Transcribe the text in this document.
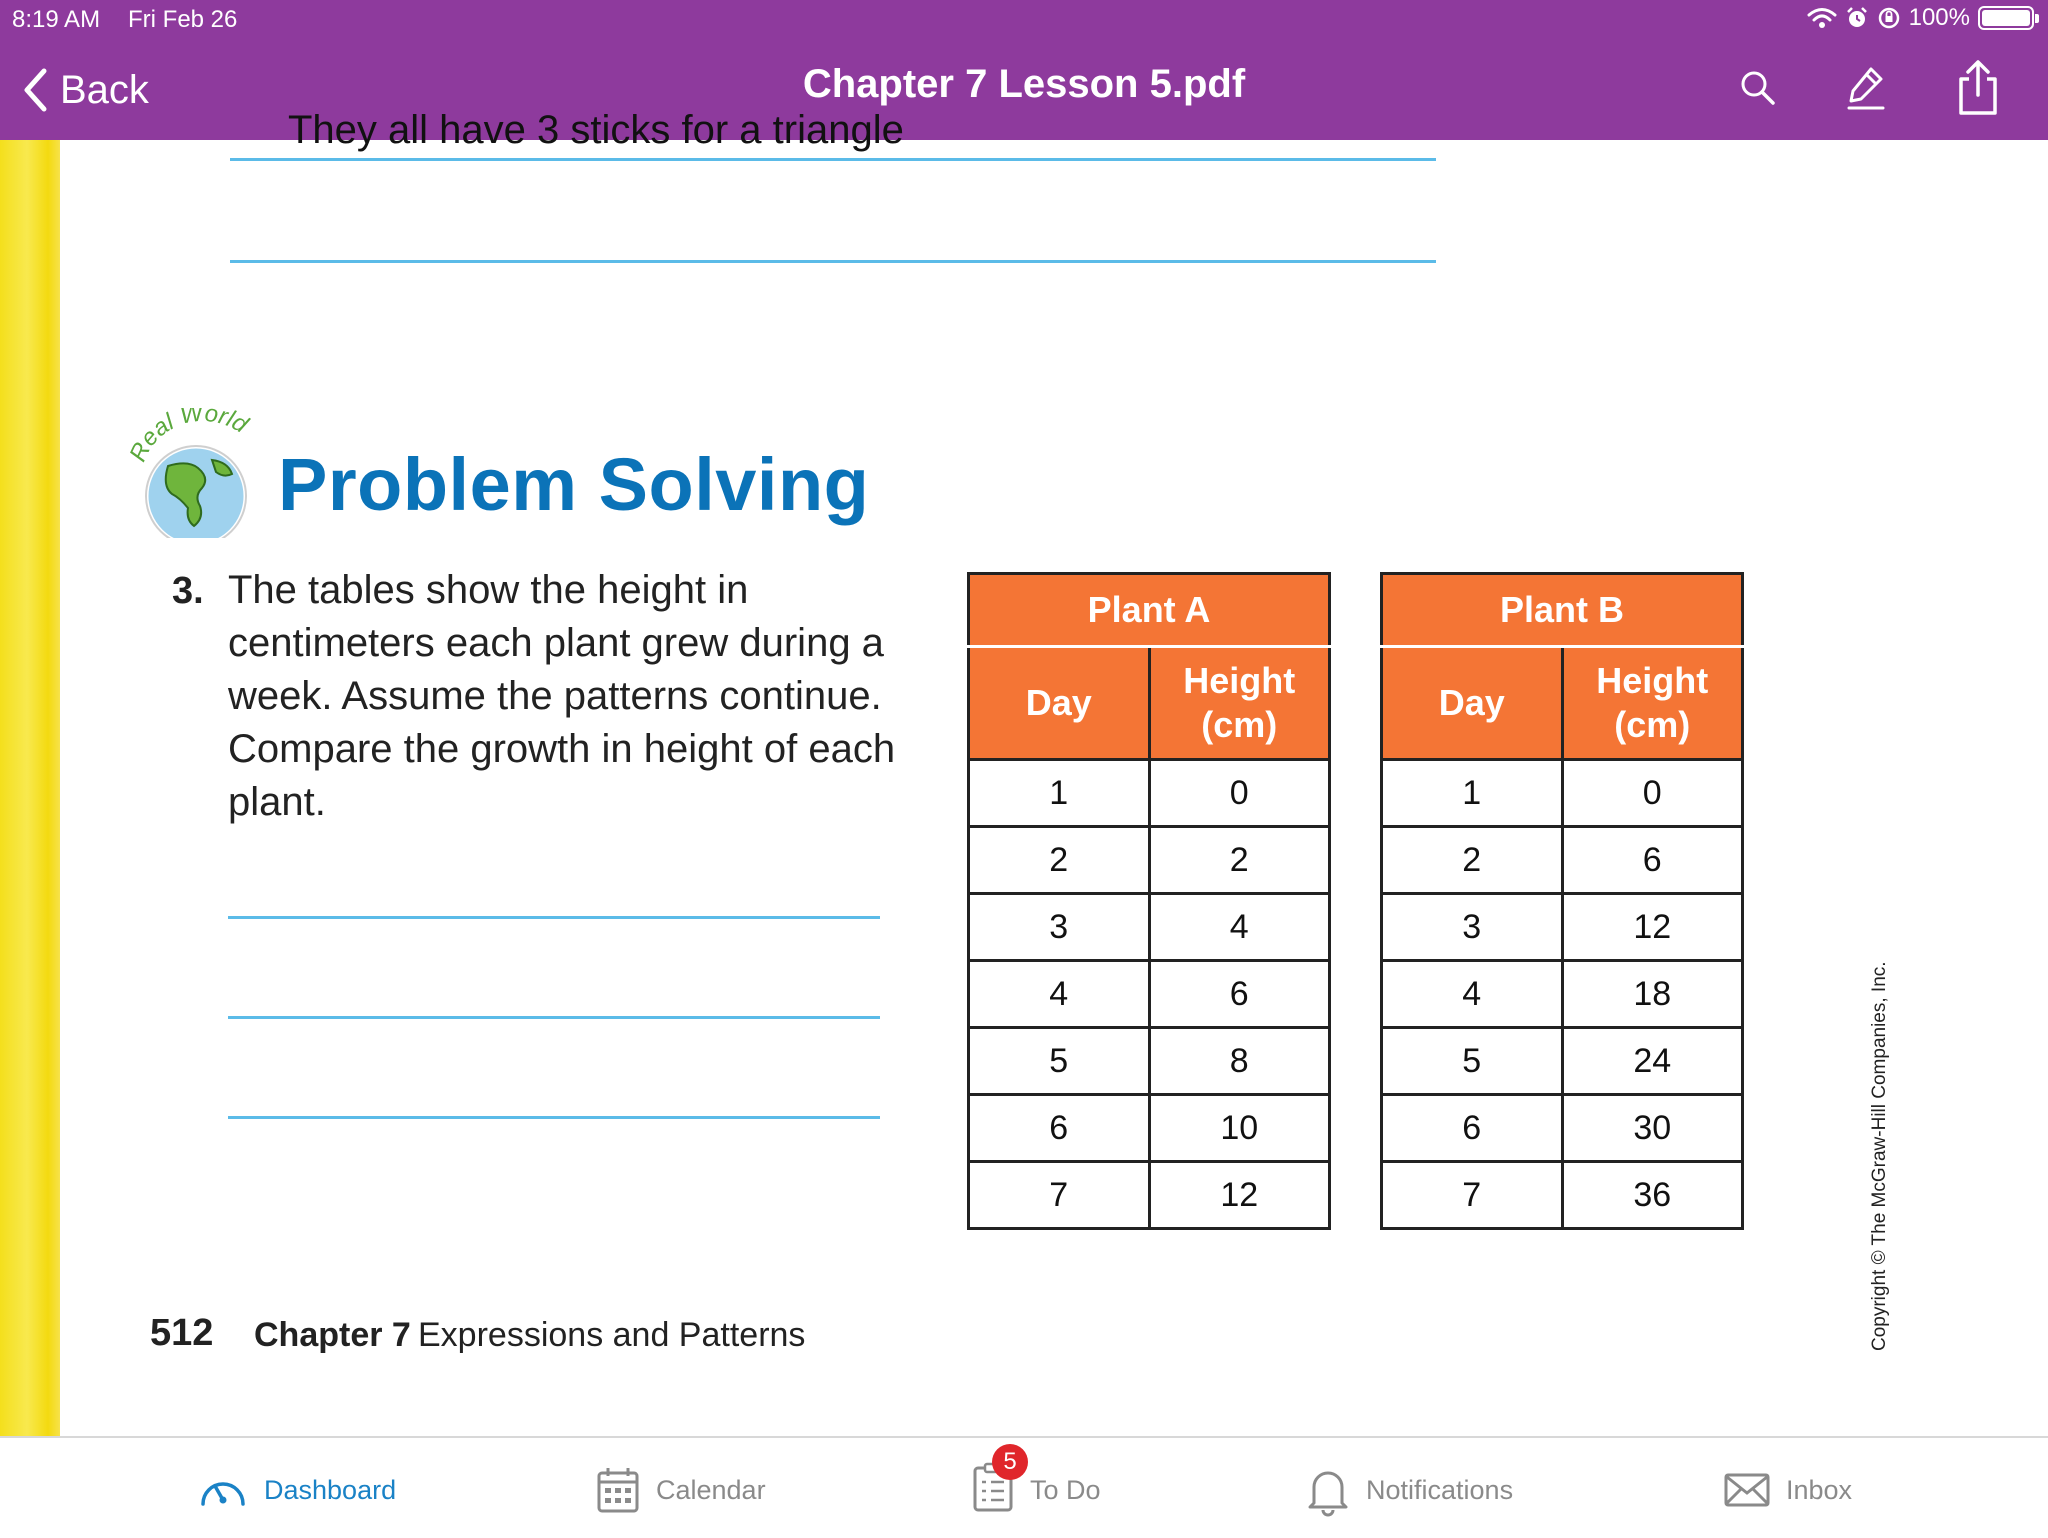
8:19 AM Fri Feb 26	100%
Back	Chapter 7 Lesson 5.pdf
They all have 3 sticks for a triangle
eal World
Problem Solving
3. The tables show the height in centimeters each plant grew during a week. Assume the patterns continue. Compare the growth in height of each plant.
Plant A	
Day	Height
(cm)
1	0
2	2
3	4
4	6
5	8
6	10
7	12
Plant B	
Day	Height
(cm)
1	0
2	6
3	12
4	18
5	24
6	30
7	36	Copyright © The McGraw-Hill Companies, Inc.
512 Chapter 7 Expressions and Patterns
Dashboard	Calendar
5
To Do	Notifications	Inbox
